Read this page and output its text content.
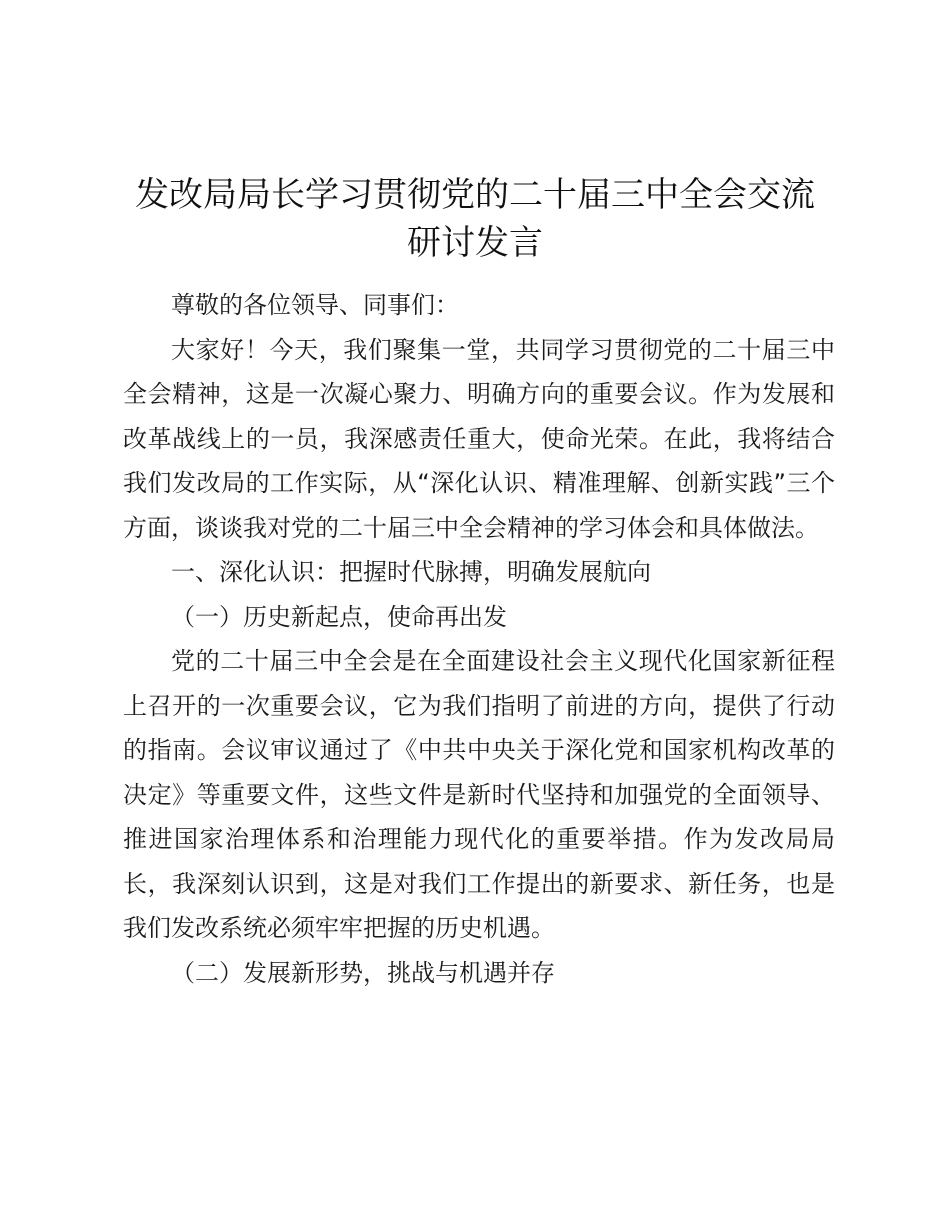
发改局局长学习贯彻党的二十届三中全会交流
研讨发言

尊敬的各位领导、同事们：

大家好！今天，我们聚集一堂，共同学习贯彻党的二十届三中全会精神，这是一次凝心聚力、明确方向的重要会议。作为发展和改革战线上的一员，我深感责任重大，使命光荣。在此，我将结合我们发改局的工作实际，从“深化认识、精准理解、创新实践”三个方面，谈谈我对党的二十届三中全会精神的学习体会和具体做法。

一、深化认识：把握时代脉搏，明确发展航向

（一）历史新起点，使命再出发

党的二十届三中全会是在全面建设社会主义现代化国家新征程上召开的一次重要会议，它为我们指明了前进的方向，提供了行动的指南。会议审议通过了《中共中央关于深化党和国家机构改革的决定》等重要文件，这些文件是新时代坚持和加强党的全面领导、推进国家治理体系和治理能力现代化的重要举措。作为发改局局长，我深刻认识到，这是对我们工作提出的新要求、新任务，也是我们发改系统必须牢牢把握的历史机遇。

（二）发展新形势，挑战与机遇并存
